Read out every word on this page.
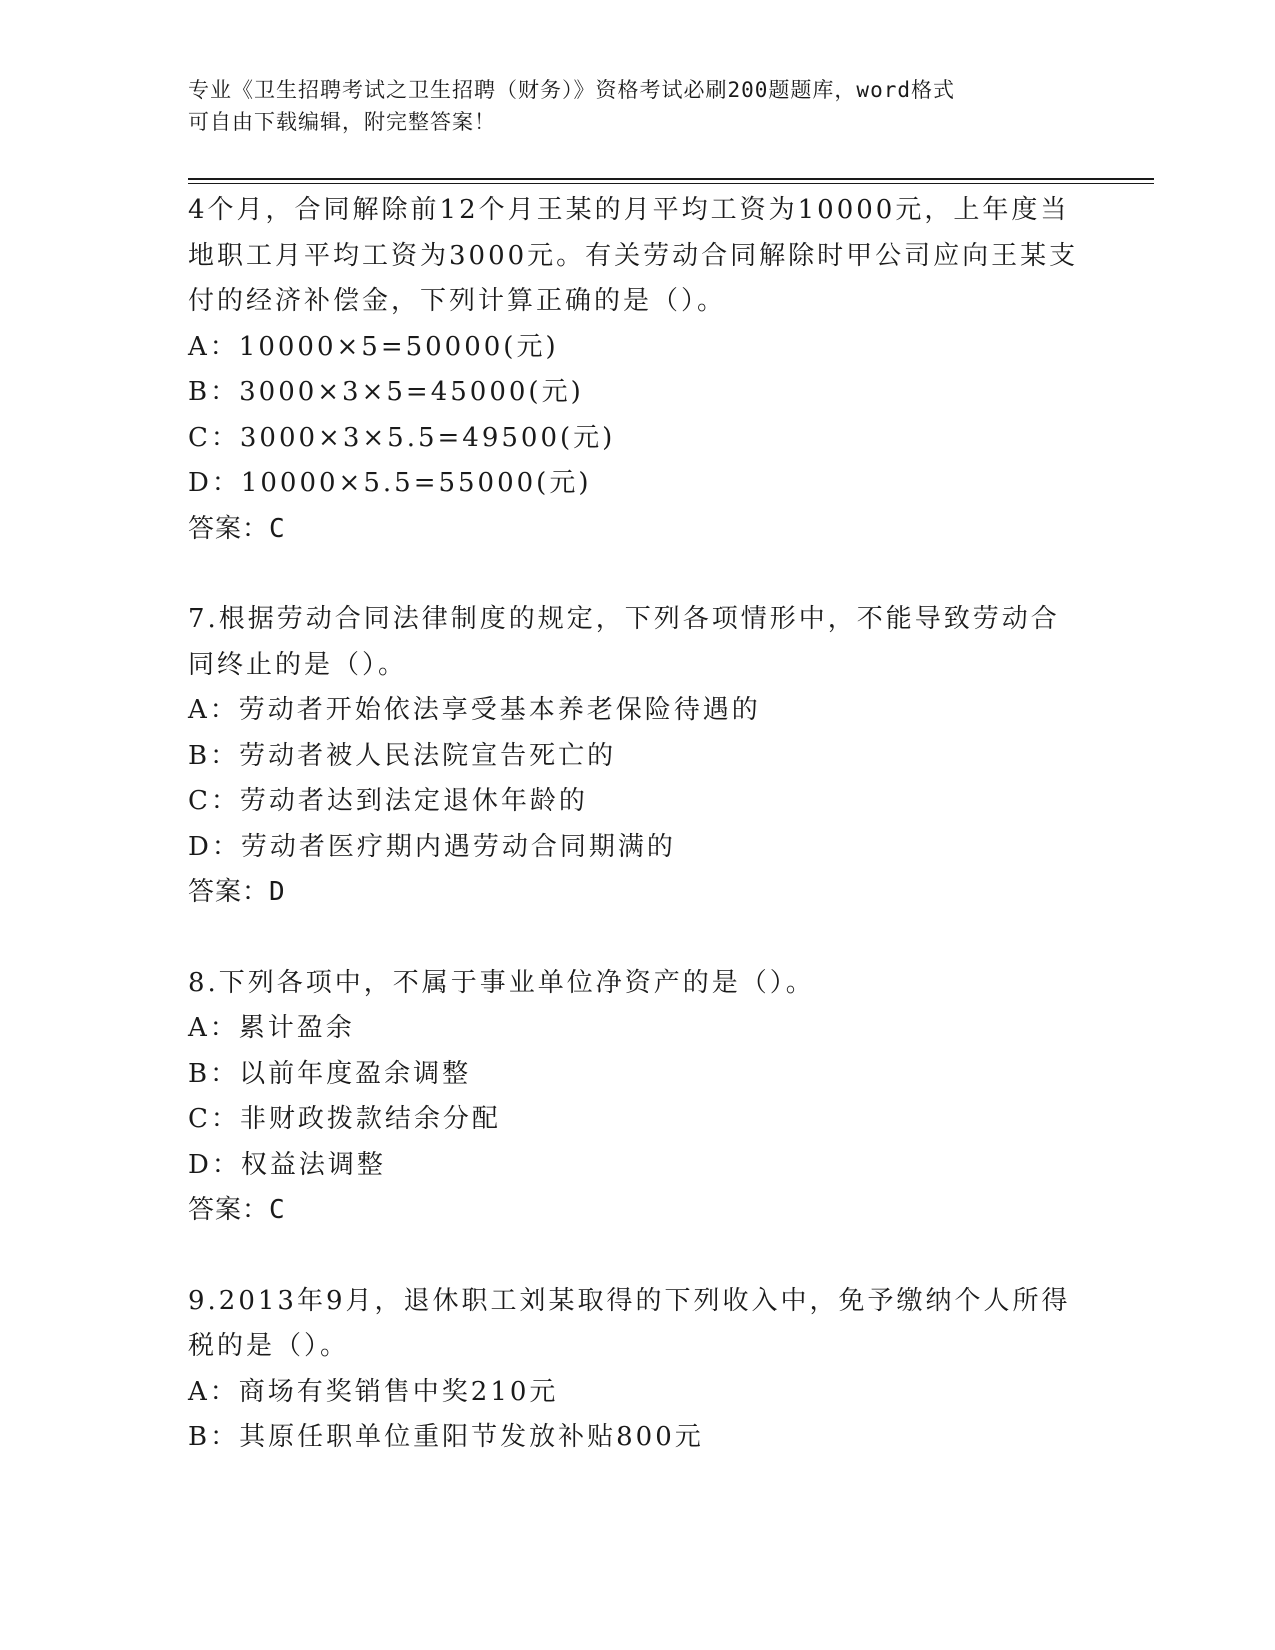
专业《卫生招聘考试之卫生招聘（财务）》资格考试必刷200题题库，word格式
可自由下载编辑，附完整答案！
4个月，合同解除前12个月王某的月平均工资为10000元，上年度当
地职工月平均工资为3000元。有关劳动合同解除时甲公司应向王某支
付的经济补偿金，下列计算正确的是（）。
A：10000×5=50000(元)
B：3000×3×5=45000(元)
C：3000×3×5.5=49500(元)
D：10000×5.5=55000(元)
答案：C
7.根据劳动合同法律制度的规定，下列各项情形中，不能导致劳动合
同终止的是（）。
A：劳动者开始依法享受基本养老保险待遇的
B：劳动者被人民法院宣告死亡的
C：劳动者达到法定退休年龄的
D：劳动者医疗期内遇劳动合同期满的
答案：D
8.下列各项中，不属于事业单位净资产的是（）。
A：累计盈余
B：以前年度盈余调整
C：非财政拨款结余分配
D：权益法调整
答案：C
9.2013年9月，退休职工刘某取得的下列收入中，免予缴纳个人所得
税的是（）。
A：商场有奖销售中奖210元
B：其原任职单位重阳节发放补贴800元
